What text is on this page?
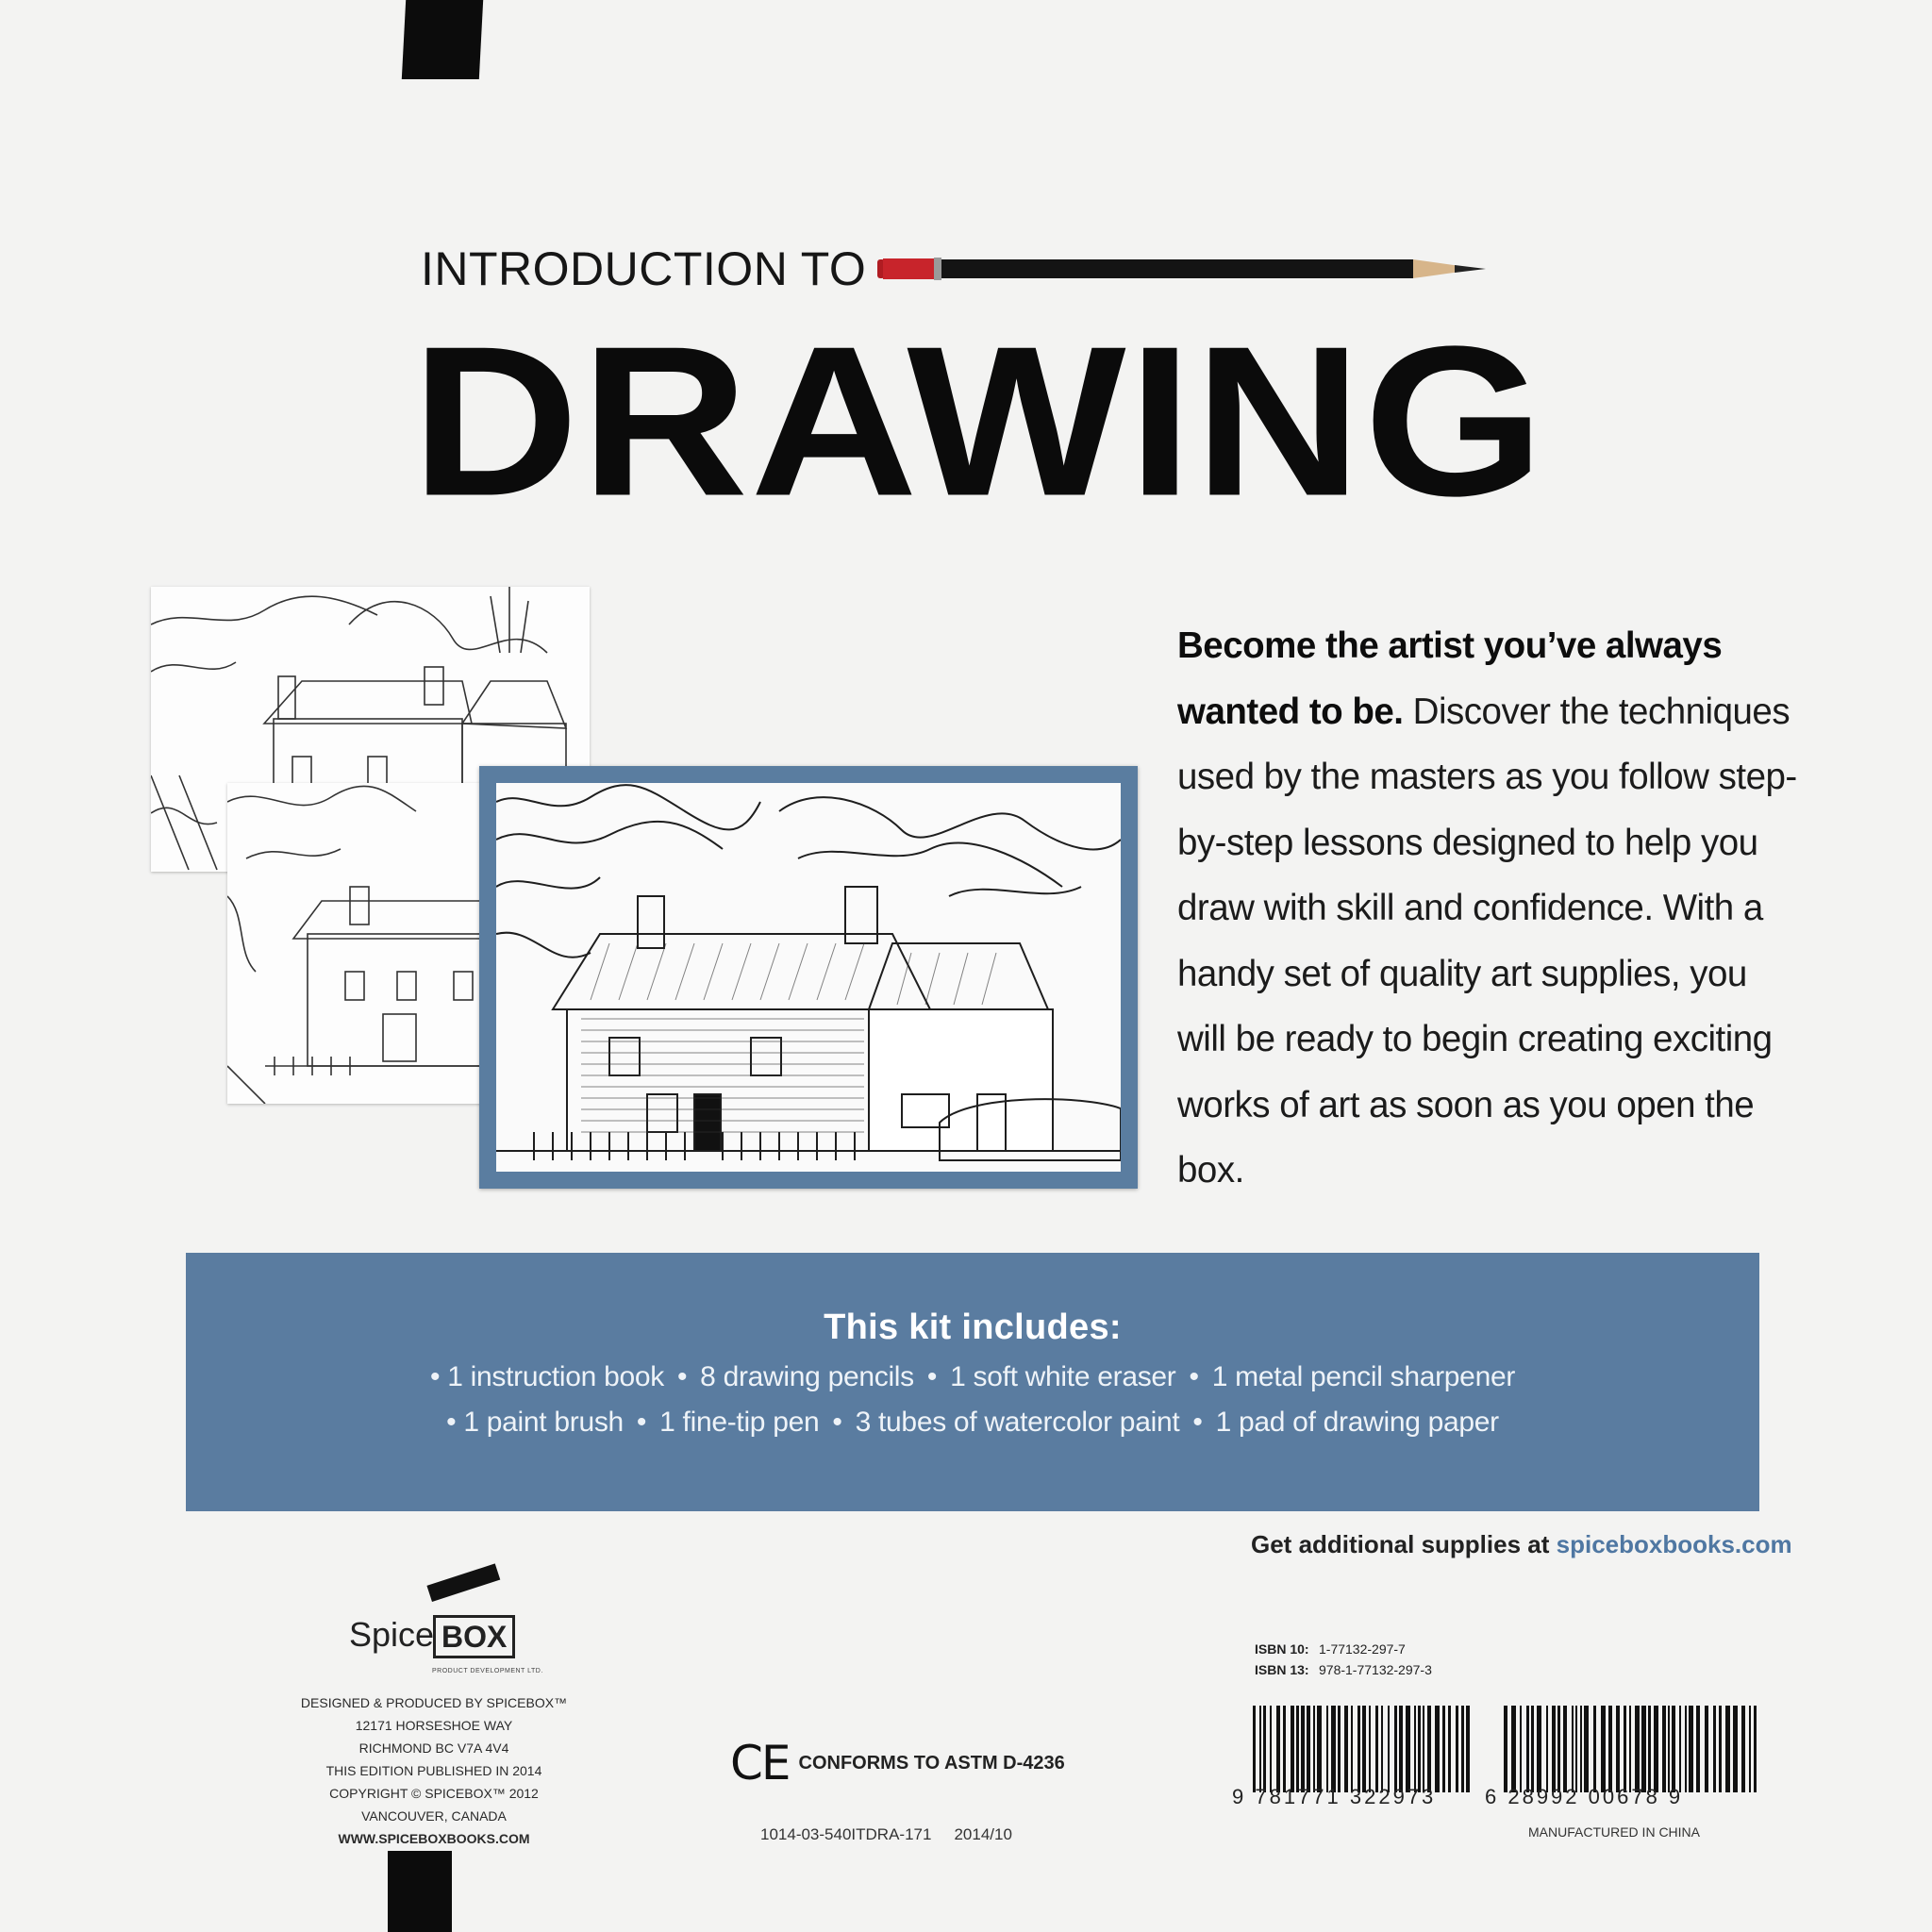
INTRODUCTION TO
DRAWING
Become the artist you’ve always wanted to be. Discover the techniques used by the masters as you follow step-by-step lessons designed to help you draw with skill and confidence. With a handy set of quality art supplies, you will be ready to begin creating exciting works of art as soon as you open the box.
This kit includes:
• 1 instruction book • 8 drawing pencils • 1 soft white eraser • 1 metal pencil sharpener
• 1 paint brush • 1 fine-tip pen • 3 tubes of watercolor paint • 1 pad of drawing paper
Get additional supplies at spiceboxbooks.com
Spice BOX
PRODUCT DEVELOPMENT LTD.
DESIGNED & PRODUCED BY SPICEBOX™
12171 HORSESHOE WAY
RICHMOND BC V7A 4V4
THIS EDITION PUBLISHED IN 2014
COPYRIGHT © SPICEBOX™ 2012
VANCOUVER, CANADA
WWW.SPICEBOXBOOKS.COM
CE CONFORMS TO ASTM D-4236
1014-03-540ITDRA-171 2014/10
ISBN 10: 1-77132-297-7
ISBN 13: 978-1-77132-297-3
9 781771 322973 6 28992 00678 9
MANUFACTURED IN CHINA
